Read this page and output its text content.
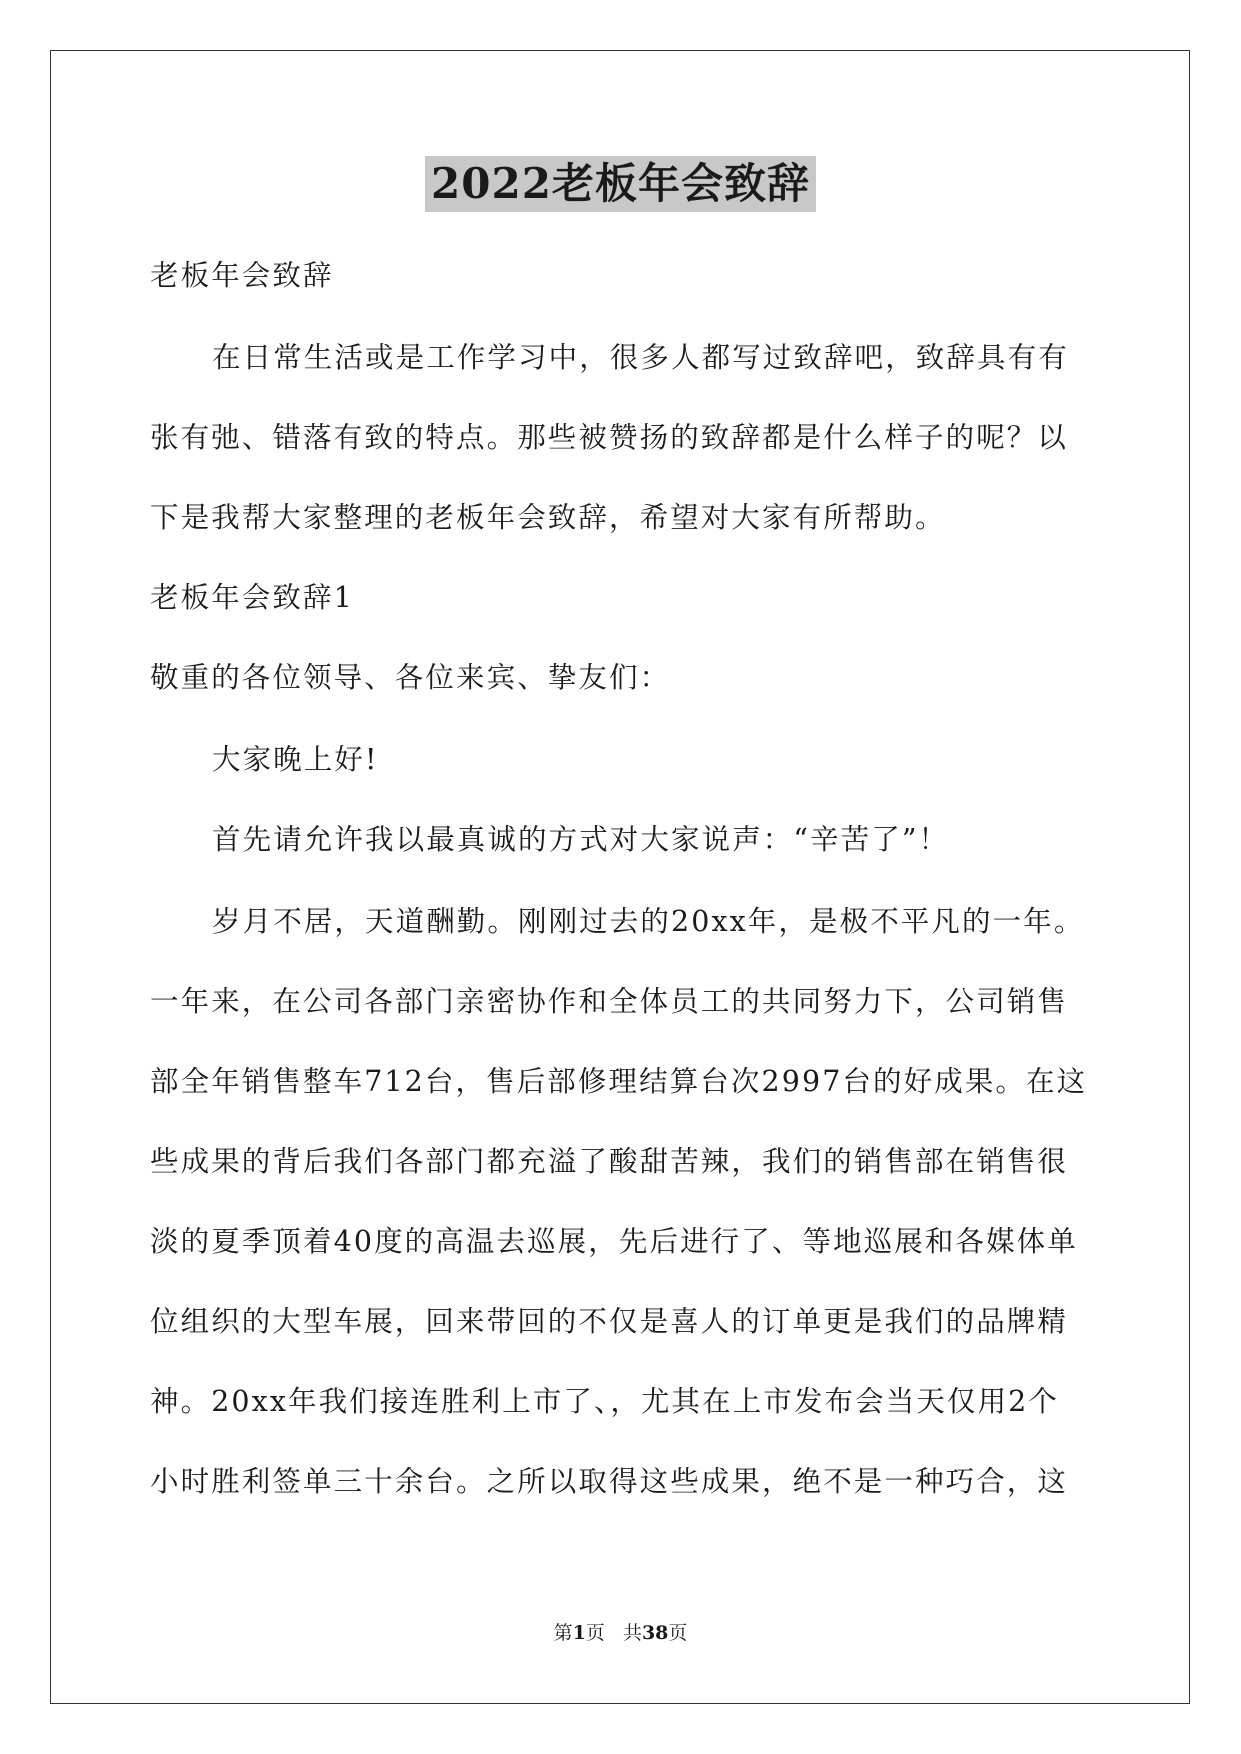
2022老板年会致辞
老板年会致辞
在日常生活或是工作学习中，很多人都写过致辞吧，致辞具有有
张有弛、错落有致的特点。那些被赞扬的致辞都是什么样子的呢？以
下是我帮大家整理的老板年会致辞，希望对大家有所帮助。
老板年会致辞1
敬重的各位领导、各位来宾、挚友们：
大家晚上好!
首先请允许我以最真诚的方式对大家说声：“辛苦了”！
岁月不居，天道酬勤。刚刚过去的20xx年，是极不平凡的一年。
一年来，在公司各部门亲密协作和全体员工的共同努力下，公司销售
部全年销售整车712台，售后部修理结算台次2997台的好成果。在这
些成果的背后我们各部门都充溢了酸甜苦辣，我们的销售部在销售很
淡的夏季顶着40度的高温去巡展，先后进行了、等地巡展和各媒体单
位组织的大型车展，回来带回的不仅是喜人的订单更是我们的品牌精
神。20xx年我们接连胜利上市了、，尤其在上市发布会当天仅用2个
小时胜利签单三十余台。之所以取得这些成果，绝不是一种巧合，这
第1页   共38页
